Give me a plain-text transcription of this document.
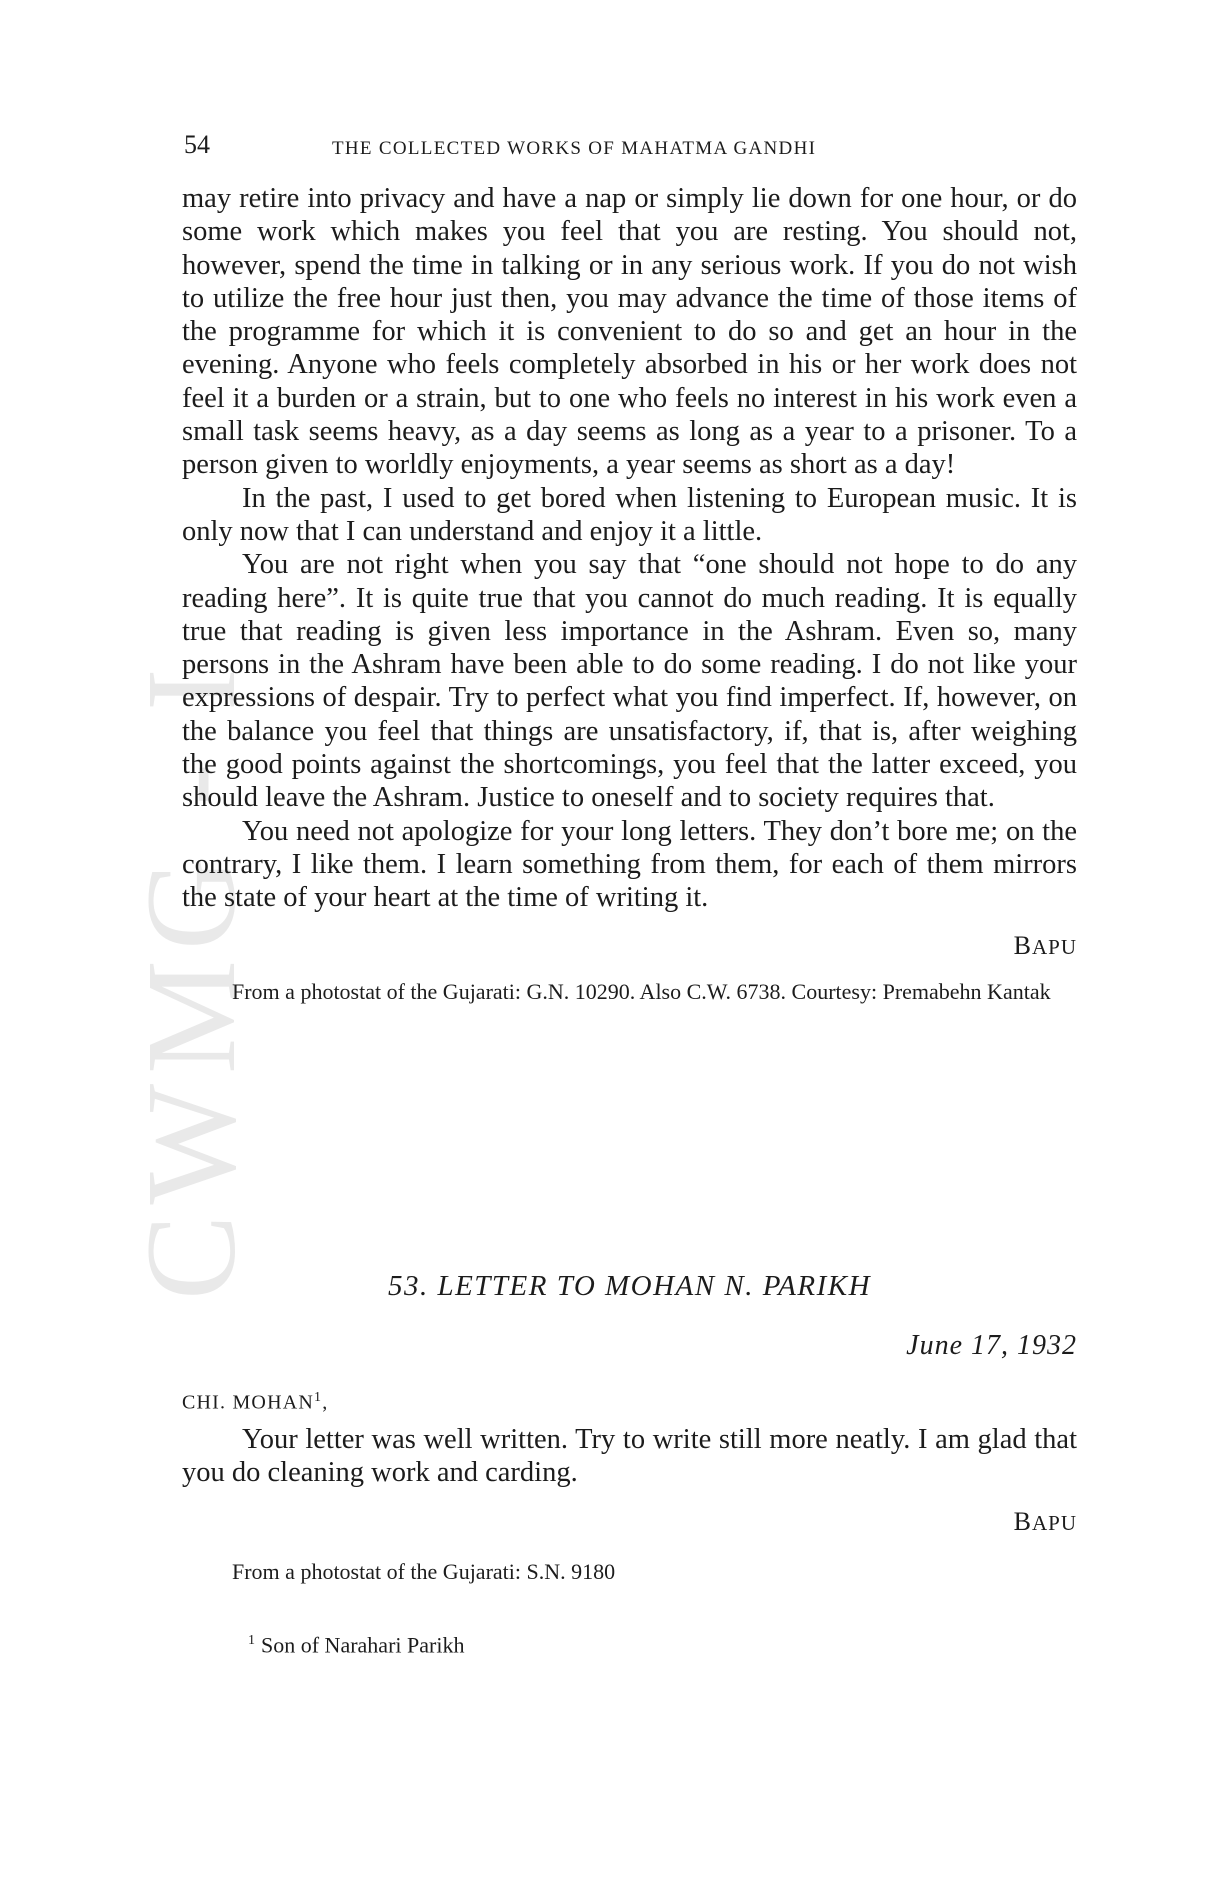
CWMG - I
54	THE COLLECTED WORKS OF MAHATMA GANDHI

may retire into privacy and have a nap or simply lie down for one hour, or do some work which makes you feel that you are resting. You should not, however, spend the time in talking or in any serious work. If you do not wish to utilize the free hour just then, you may advance the time of those items of the programme for which it is convenient to do so and get an hour in the evening. Anyone who feels completely absorbed in his or her work does not feel it a burden or a strain, but to one who feels no interest in his work even a small task seems heavy, as a day seems as long as a year to a prisoner. To a person given to worldly enjoyments, a year seems as short as a day!

In the past, I used to get bored when listening to European music. It is only now that I can understand and enjoy it a little.

You are not right when you say that “one should not hope to do any reading here”. It is quite true that you cannot do much reading. It is equally true that reading is given less importance in the Ashram. Even so, many persons in the Ashram have been able to do some reading. I do not like your expressions of despair. Try to perfect what you find imperfect. If, however, on the balance you feel that things are unsatisfactory, if, that is, after weighing the good points against the shortcomings, you feel that the latter exceed, you should leave the Ashram. Justice to oneself and to society requires that.

You need not apologize for your long letters. They don’t bore me; on the contrary, I like them. I learn something from them, for each of them mirrors the state of your heart at the time of writing it.

BAPU
From a photostat of the Gujarati: G.N. 10290. Also C.W. 6738. Courtesy: Premabehn Kantak
53. LETTER TO MOHAN N. PARIKH
June 17, 1932
CHI. MOHAN$^1$,

Your letter was well written. Try to write still more neatly. I am glad that you do cleaning work and carding.

BAPU
From a photostat of the Gujarati: S.N. 9180
$^1$ Son of Narahari Parikh
